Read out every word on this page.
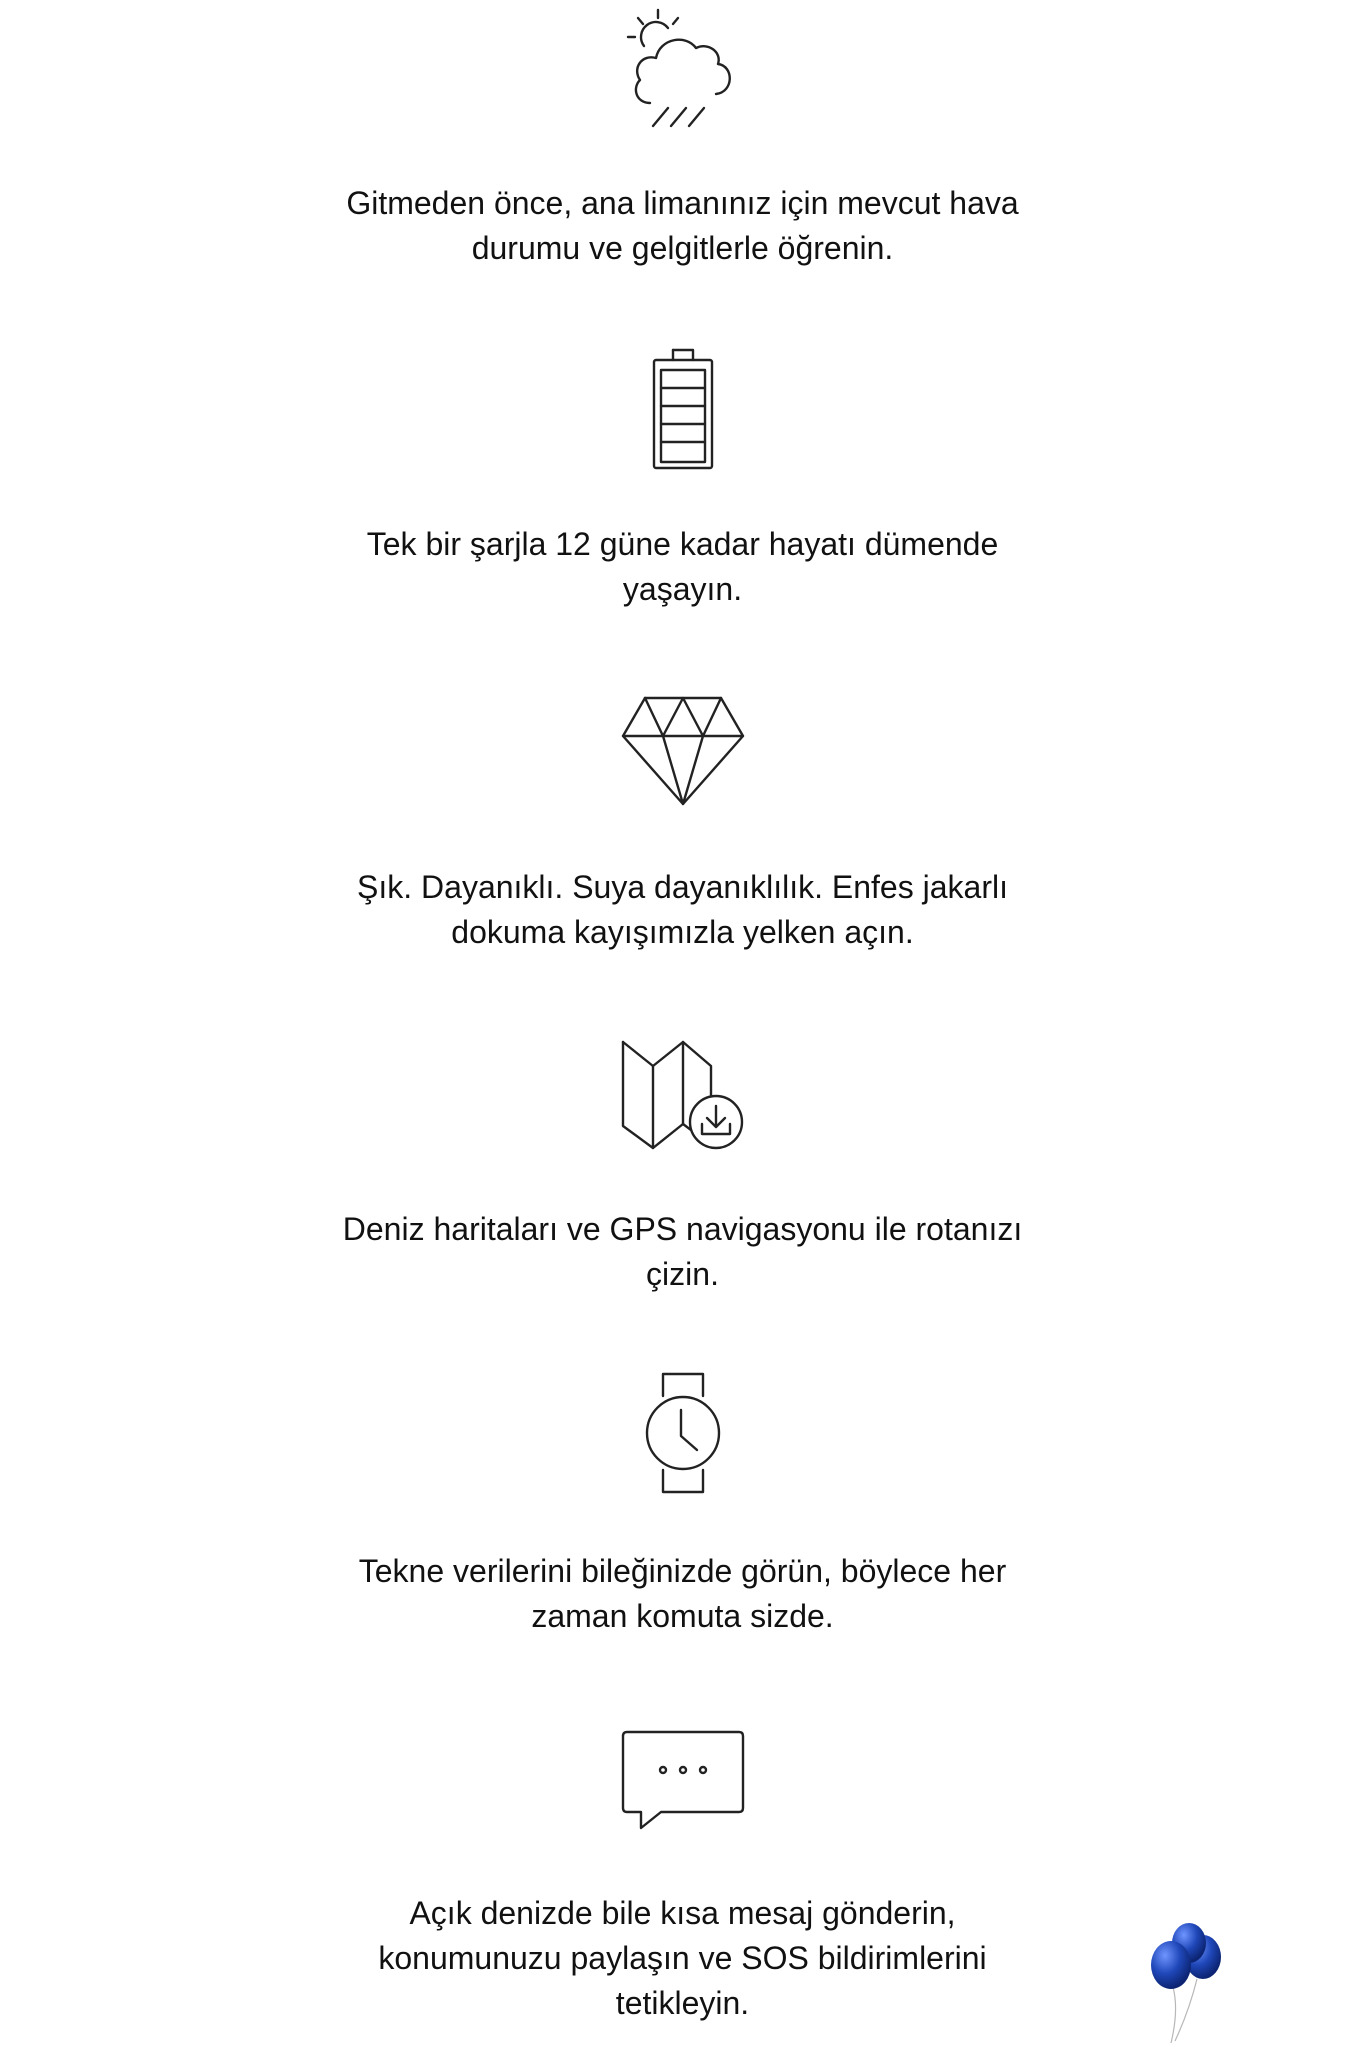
Gitmeden önce, ana limanınız için mevcut hava durumu ve gelgitlerle öğrenin.

Tek bir şarjla 12 güne kadar hayatı dümende yaşayın.

Şık. Dayanıklı. Suya dayanıklılık. Enfes jakarlı dokuma kayışımızla yelken açın.

Deniz haritaları ve GPS navigasyonu ile rotanızı çizin.

Tekne verilerini bileğinizde görün, böylece her zaman komuta sizde.

Açık denizde bile kısa mesaj gönderin, konumunuzu paylaşın ve SOS bildirimlerini tetikleyin.
